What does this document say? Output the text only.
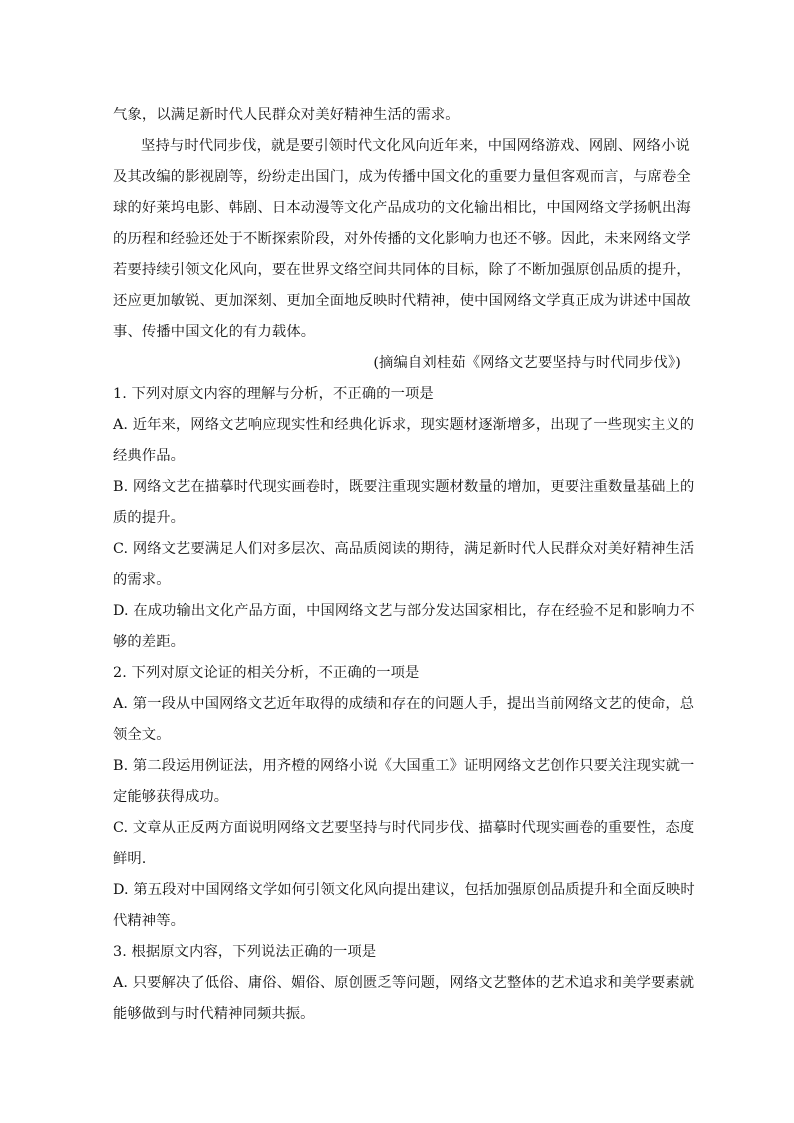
气象，以满足新时代人民群众对美好精神生活的需求。
坚持与时代同步伐，就是要引领时代文化风向近年来，中国网络游戏、网剧、网络小说
及其改编的影视剧等，纷纷走出国门，成为传播中国文化的重要力量但客观而言，与席卷全
球的好莱坞电影、韩剧、日本动漫等文化产品成功的文化输出相比，中国网络文学扬帆出海
的历程和经验还处于不断探索阶段，对外传播的文化影响力也还不够。因此，未来网络文学
若要持续引领文化风向，要在世界文络空间共同体的目标，除了不断加强原创品质的提升，
还应更加敏锐、更加深刻、更加全面地反映时代精神，使中国网络文学真正成为讲述中国故
事、传播中国文化的有力载体。
(摘编自刘桂茹《网络文艺要坚持与时代同步伐》)
1. 下列对原文内容的理解与分析，不正确的一项是
A. 近年来，网络文艺响应现实性和经典化诉求，现实题材逐渐增多，出现了一些现实主义的
经典作品。
B. 网络文艺在描摹时代现实画卷时，既要注重现实题材数量的增加，更要注重数量基础上的
质的提升。
C. 网络文艺要满足人们对多层次、高品质阅读的期待，满足新时代人民群众对美好精神生活
的需求。
D. 在成功输出文化产品方面，中国网络文艺与部分发达国家相比，存在经验不足和影响力不
够的差距。
2. 下列对原文论证的相关分析，不正确的一项是
A. 第一段从中国网络文艺近年取得的成绩和存在的问题人手，提出当前网络文艺的使命，总
领全文。
B. 第二段运用例证法，用齐橙的网络小说《大国重工》证明网络文艺创作只要关注现实就一
定能够获得成功。
C. 文章从正反两方面说明网络文艺要坚持与时代同步伐、描摹时代现实画卷的重要性，态度
鲜明.
D. 第五段对中国网络文学如何引领文化风向提出建议，包括加强原创品质提升和全面反映时
代精神等。
3. 根据原文内容，下列说法正确的一项是
A. 只要解决了低俗、庸俗、媚俗、原创匮乏等问题，网络文艺整体的艺术追求和美学要素就
能够做到与时代精神同频共振。
